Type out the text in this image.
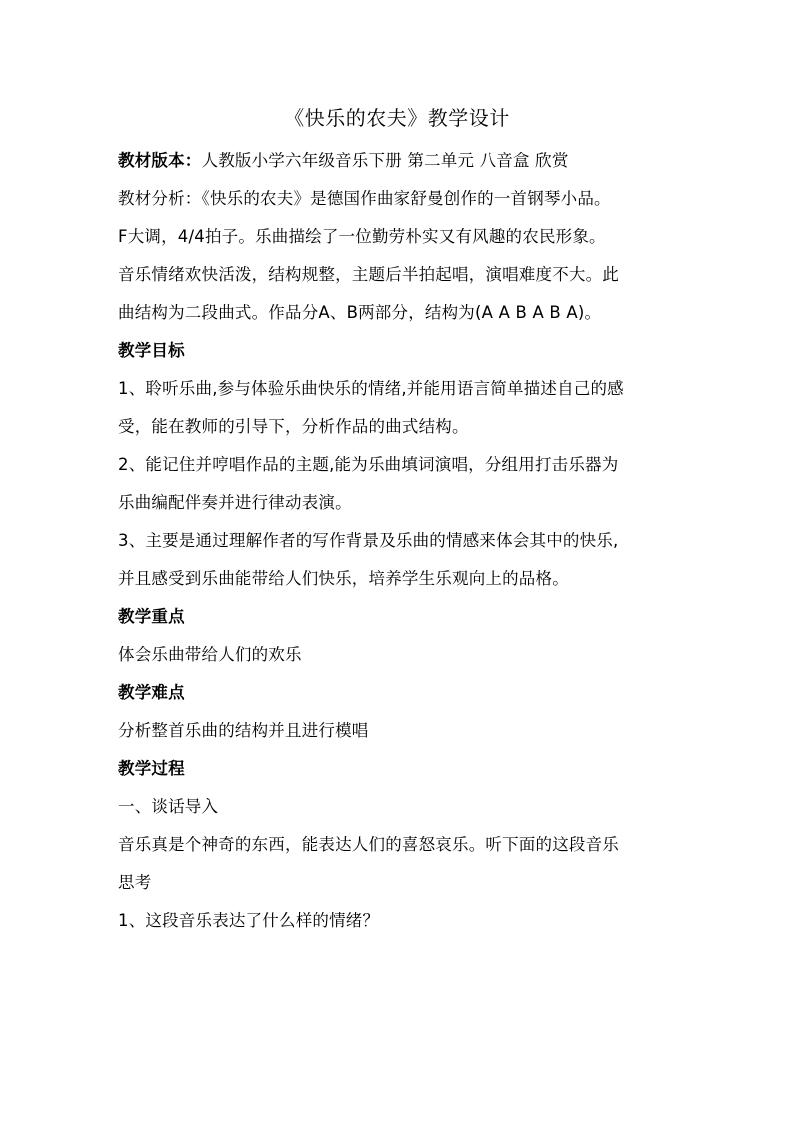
《快乐的农夫》教学设计
教材版本：人教版小学六年级音乐下册 第二单元 八音盒 欣赏
教材分析：《快乐的农夫》是德国作曲家舒曼创作的一首钢琴小品。
F大调，4/4拍子。乐曲描绘了一位勤劳朴实又有风趣的农民形象。
音乐情绪欢快活泼，结构规整，主题后半拍起唱，演唱难度不大。此
曲结构为二段曲式。作品分A、B两部分，结构为(A A B A B A)。
教学目标
1、聆听乐曲,参与体验乐曲快乐的情绪,并能用语言简单描述自己的感
受，能在教师的引导下，分析作品的曲式结构。
2、能记住并哼唱作品的主题,能为乐曲填词演唱，分组用打击乐器为
乐曲编配伴奏并进行律动表演。
3、主要是通过理解作者的写作背景及乐曲的情感来体会其中的快乐,
并且感受到乐曲能带给人们快乐，培养学生乐观向上的品格。
教学重点
体会乐曲带给人们的欢乐
教学难点
分析整首乐曲的结构并且进行模唱
教学过程
一、谈话导入
音乐真是个神奇的东西，能表达人们的喜怒哀乐。听下面的这段音乐
思考
1、这段音乐表达了什么样的情绪？
